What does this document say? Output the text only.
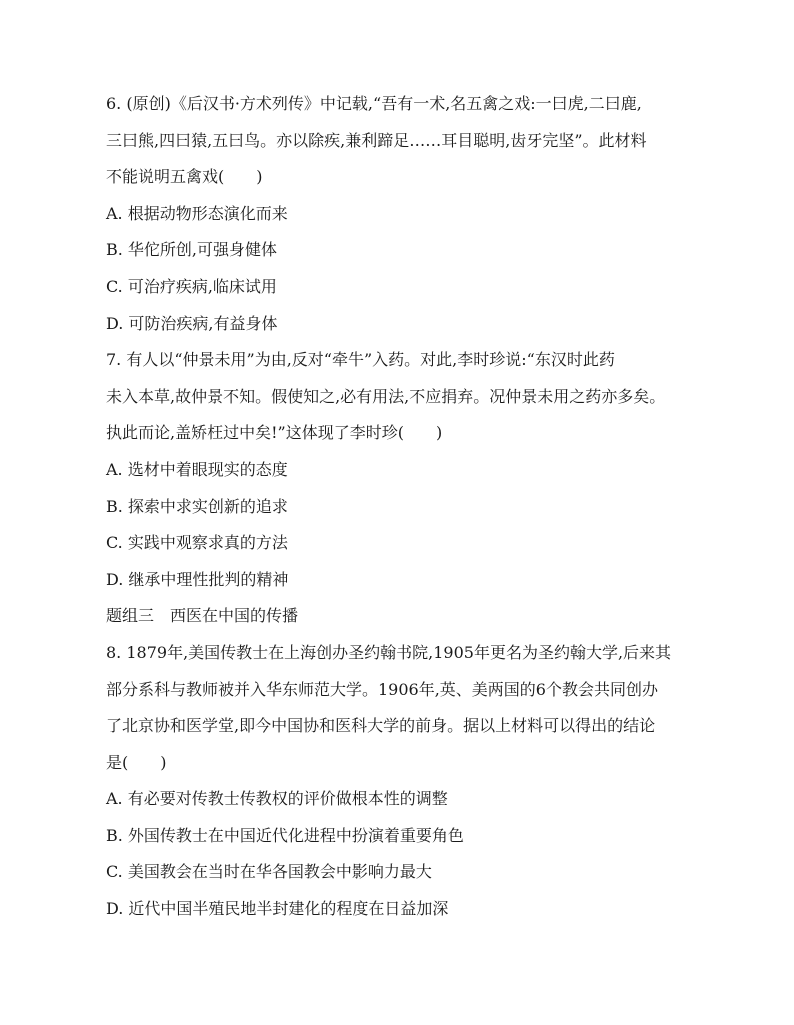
6. (原创)《后汉书·方术列传》中记载,“吾有一术,名五禽之戏:一曰虎,二曰鹿,
三曰熊,四曰猿,五曰鸟。亦以除疾,兼利蹄足……耳目聪明,齿牙完坚”。此材料
不能说明五禽戏(　　)
A. 根据动物形态演化而来
B. 华佗所创,可强身健体
C. 可治疗疾病,临床试用
D. 可防治疾病,有益身体
7. 有人以“仲景未用”为由,反对“牵牛”入药。对此,李时珍说:“东汉时此药
未入本草,故仲景不知。假使知之,必有用法,不应捐弃。况仲景未用之药亦多矣。
执此而论,盖矫枉过中矣!”这体现了李时珍(　　)
A. 选材中着眼现实的态度
B. 探索中求实创新的追求
C. 实践中观察求真的方法
D. 继承中理性批判的精神
题组三　西医在中国的传播
8. 1879年,美国传教士在上海创办圣约翰书院,1905年更名为圣约翰大学,后来其
部分系科与教师被并入华东师范大学。1906年,英、美两国的6个教会共同创办
了北京协和医学堂,即今中国协和医科大学的前身。据以上材料可以得出的结论
是(　　)
A. 有必要对传教士传教权的评价做根本性的调整
B. 外国传教士在中国近代化进程中扮演着重要角色
C. 美国教会在当时在华各国教会中影响力最大
D. 近代中国半殖民地半封建化的程度在日益加深
